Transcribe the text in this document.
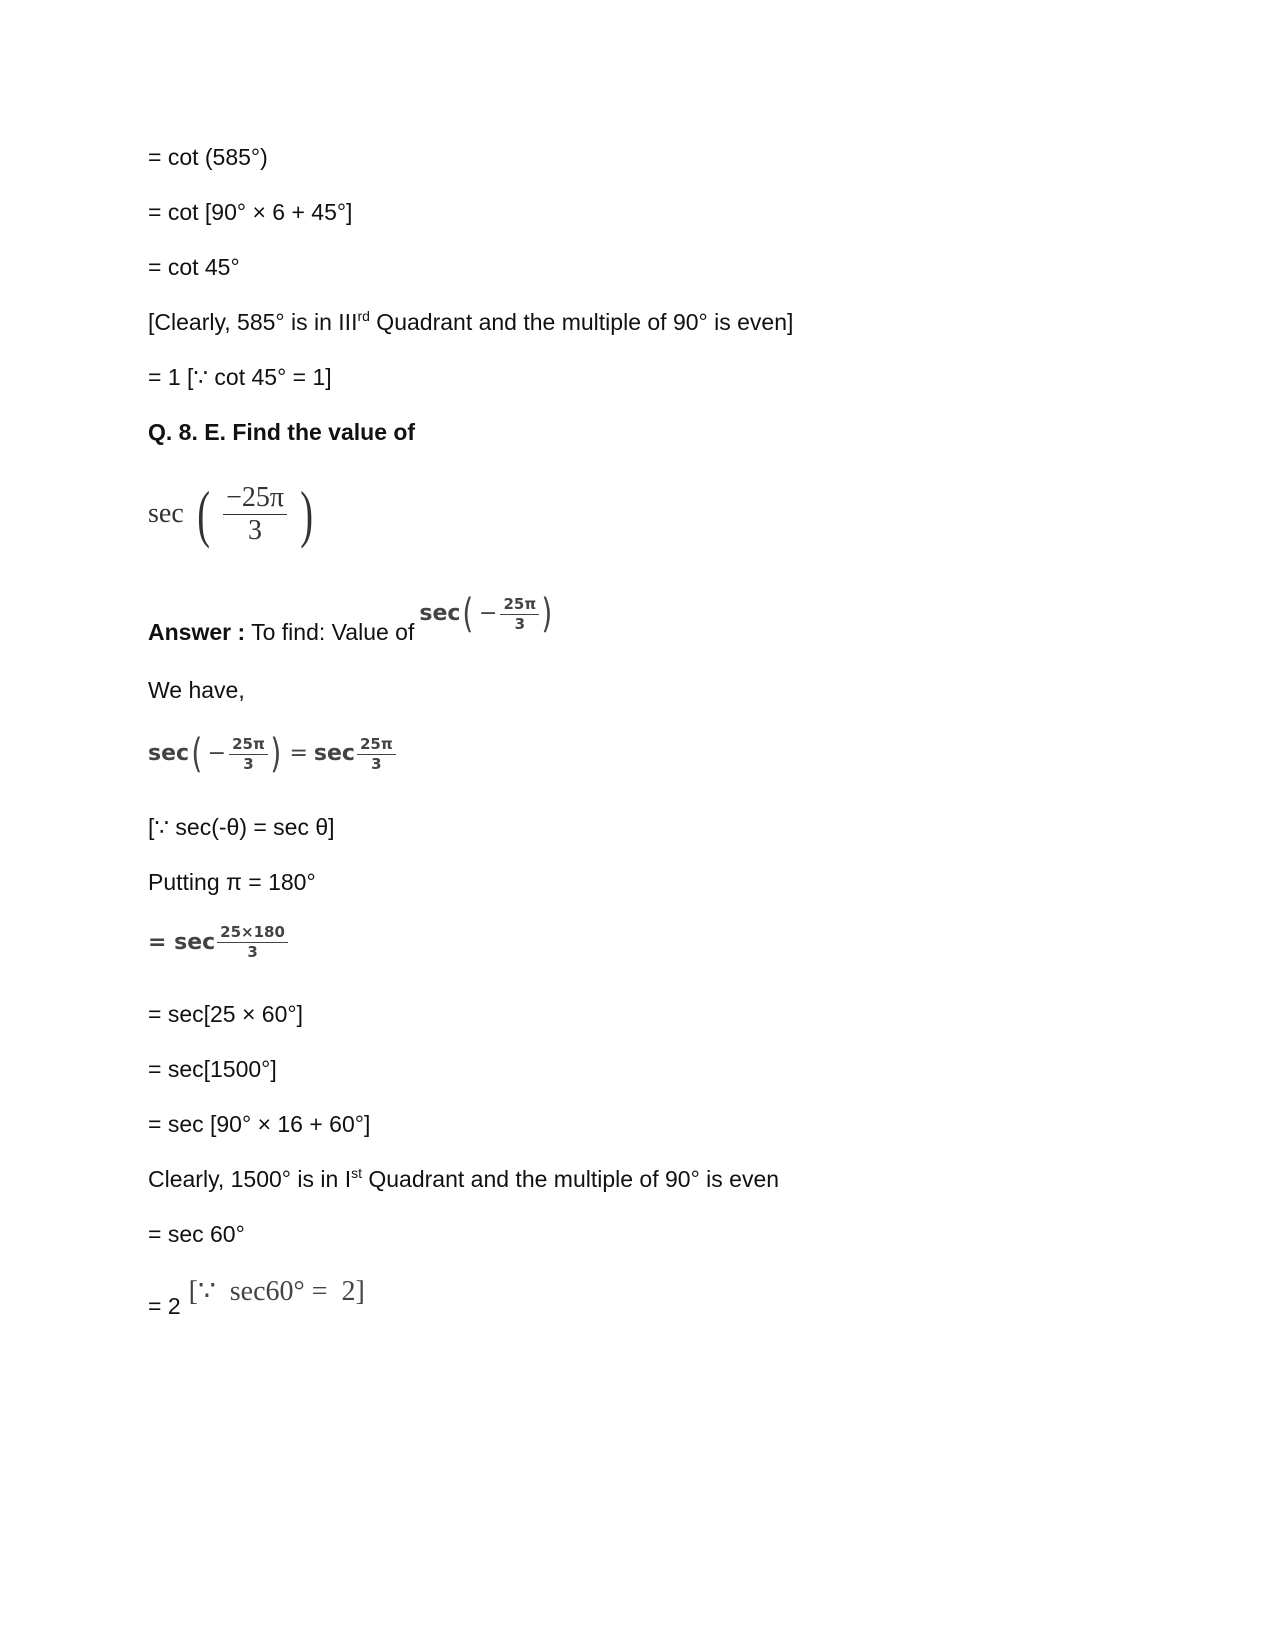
= cot (585°)
= cot [90° × 6 + 45°]
= cot 45°
[Clearly, 585° is in IIIrd Quadrant and the multiple of 90° is even]
= 1 [∵ cot 45° = 1]
Q. 8. E. Find the value of
sec ( $\frac{-25\pi}{3}$ )
Answer : To find: Value of
sec ( − $\frac{25\pi}{3}$ )
We have,
sec ( − $\frac{25\pi}{3}$ ) = $\sec \frac{25\pi}{3}$
[∵ sec(-θ) = sec θ]
Putting π = 180°
= $\sec \frac{25\times 180}{3}$
= sec[25 × 60°]
= sec[1500°]
= sec [90° × 16 + 60°]
Clearly, 1500° is in Ist Quadrant and the multiple of 90° is even
= sec 60°
= 2 [∵  sec60° =  2]
